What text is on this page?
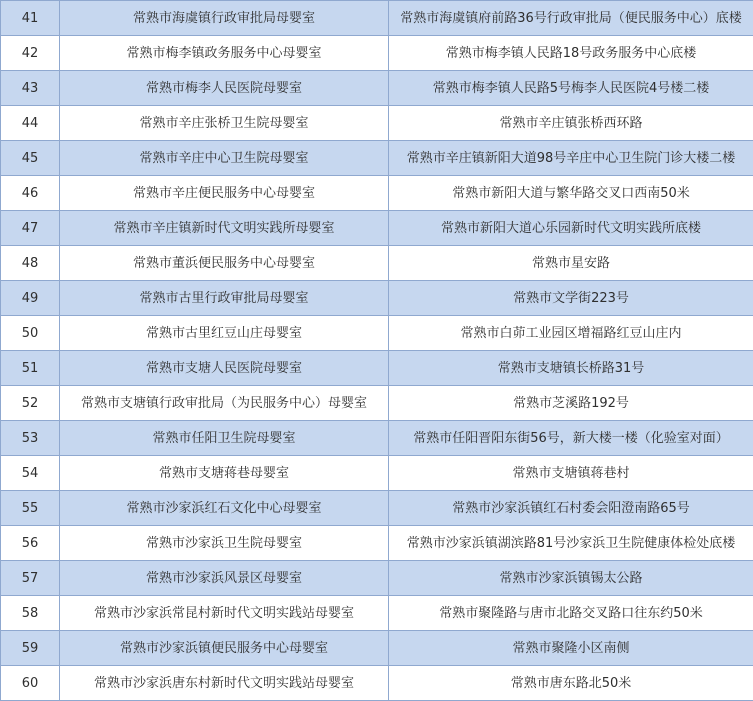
41	常熟市海虞镇行政审批局母婴室	常熟市海虞镇府前路36号行政审批局（便民服务中心）底楼
42	常熟市梅李镇政务服务中心母婴室	常熟市梅李镇人民路18号政务服务中心底楼
43	常熟市梅李人民医院母婴室	常熟市梅李镇人民路5号梅李人民医院4号楼二楼
44	常熟市辛庄张桥卫生院母婴室	常熟市辛庄镇张桥西环路
45	常熟市辛庄中心卫生院母婴室	常熟市辛庄镇新阳大道98号辛庄中心卫生院门诊大楼二楼
46	常熟市辛庄便民服务中心母婴室	常熟市新阳大道与繁华路交叉口西南50米
47	常熟市辛庄镇新时代文明实践所母婴室	常熟市新阳大道心乐园新时代文明实践所底楼
48	常熟市董浜便民服务中心母婴室	常熟市星安路
49	常熟市古里行政审批局母婴室	常熟市文学街223号
50	常熟市古里红豆山庄母婴室	常熟市白茆工业园区增福路红豆山庄内
51	常熟市支塘人民医院母婴室	常熟市支塘镇长桥路31号
52	常熟市支塘镇行政审批局（为民服务中心）母婴室	常熟市芝溪路192号
53	常熟市任阳卫生院母婴室	常熟市任阳晋阳东街56号，新大楼一楼（化验室对面）
54	常熟市支塘蒋巷母婴室	常熟市支塘镇蒋巷村
55	常熟市沙家浜红石文化中心母婴室	常熟市沙家浜镇红石村委会阳澄南路65号
56	常熟市沙家浜卫生院母婴室	常熟市沙家浜镇湖滨路81号沙家浜卫生院健康体检处底楼
57	常熟市沙家浜风景区母婴室	常熟市沙家浜镇锡太公路
58	常熟市沙家浜常昆村新时代文明实践站母婴室	常熟市聚隆路与唐市北路交叉路口往东约50米
59	常熟市沙家浜镇便民服务中心母婴室	常熟市聚隆小区南侧
60	常熟市沙家浜唐东村新时代文明实践站母婴室	常熟市唐东路北50米
